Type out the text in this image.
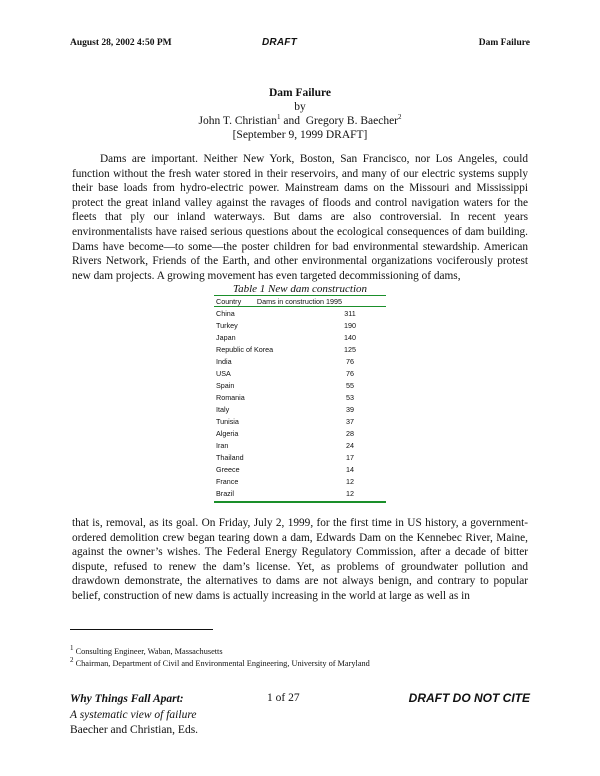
August 28, 2002 4:50 PM	DRAFT	Dam Failure
Dam Failure
by
John T. Christian$^1$ and  Gregory B. Baecher$^2$
[September 9, 1999 DRAFT]
Dams are important. Neither New York, Boston, San Francisco, nor Los Angeles, could function without the fresh water stored in their reservoirs, and many of our electric systems supply their base loads from hydro-electric power. Mainstream dams on the Missouri and Mississippi protect the great inland valley against the ravages of floods and control navigation waters for the fleets that ply our inland waterways. But dams are also controversial. In recent years environmentalists have raised serious questions about the ecological consequences of dam building. Dams have become—to some—the poster children for bad environmental stewardship. American Rivers Network, Friends of the Earth, and other environmental organizations vociferously protest new dam projects. A growing movement has even targeted decommissioning of dams,
Table 1 New dam construction
Country	Dams in construction 1995
China	311
Turkey	190
Japan	140
Republic of Korea	125
India	76
USA	76
Spain	55
Romania	53
Italy	39
Tunisia	37
Algeria	28
Iran	24
Thailand	17
Greece	14
France	12
Brazil	12
that is, removal, as its goal. On Friday, July 2, 1999, for the first time in US history, a government-ordered demolition crew began tearing down a dam, Edwards Dam on the Kennebec River, Maine, against the owner’s wishes. The Federal Energy Regulatory Commission, after a decade of bitter dispute, refused to renew the dam’s license. Yet, as problems of groundwater pollution and drawdown demonstrate, the alternatives to dams are not always benign, and contrary to popular belief, construction of new dams is actually increasing in the world at large as well as in
$^1$ Consulting Engineer, Waban, Massachusetts
$^2$ Chairman, Department of Civil and Environmental Engineering, University of Maryland
Why Things Fall Apart:
A systematic view of failure
Baecher and Christian, Eds.
1 of 27	DRAFT DO NOT CITE
